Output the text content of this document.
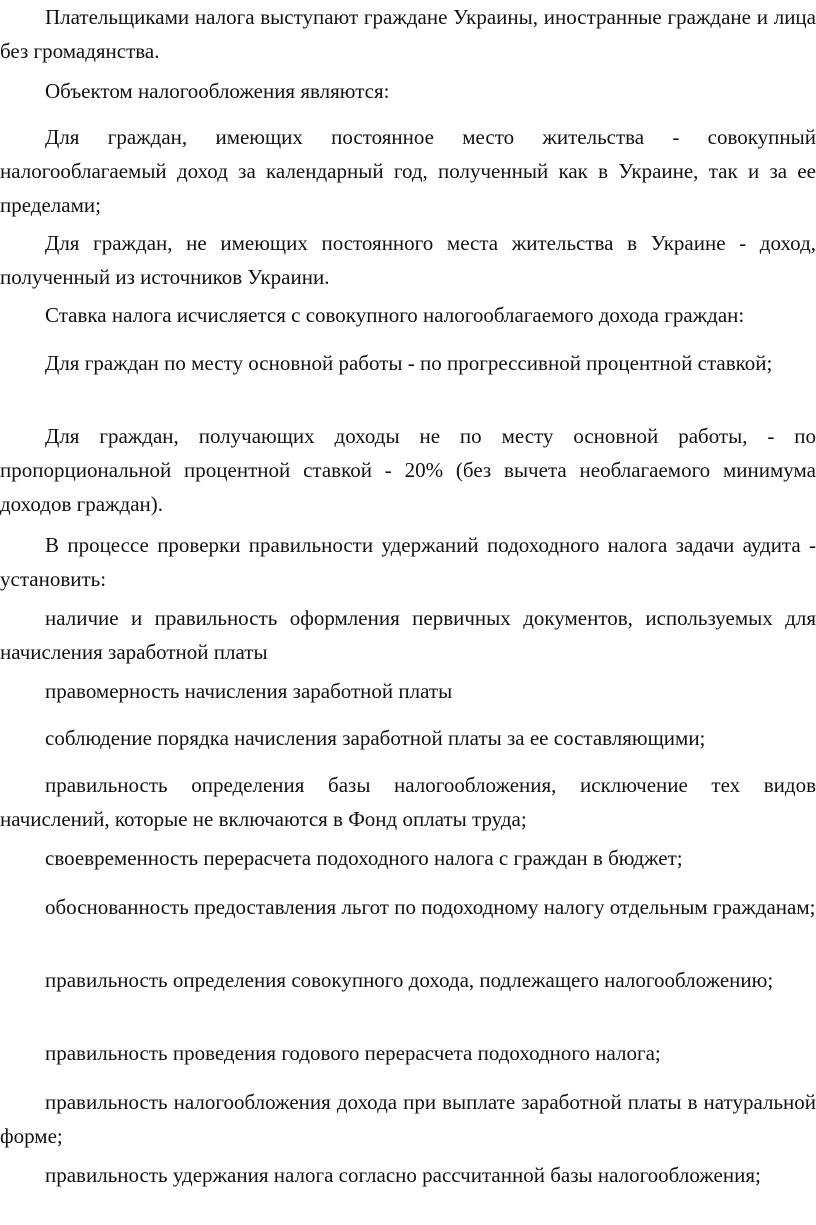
Плательщиками налога выступают граждане Украины, иностранные граждане и лица без громадянства.

Объектом налогообложения являются:

Для граждан, имеющих постоянное место жительства - совокупный налогооблагаемый доход за календарный год, полученный как в Украине, так и за ее пределами;

Для граждан, не имеющих постоянного места жительства в Украине - доход, полученный из источников Украини.

Ставка налога исчисляется с совокупного налогооблагаемого дохода граждан:

Для граждан по месту основной работы - по прогрессивной процентной ставкой;

Для граждан, получающих доходы не по месту основной работы, - по пропорциональной процентной ставкой - 20% (без вычета необлагаемого минимума доходов граждан).

В процессе проверки правильности удержаний подоходного налога задачи аудита - установить:

наличие и правильность оформления первичных документов, используемых для начисления заработной платы

правомерность начисления заработной платы

соблюдение порядка начисления заработной платы за ее составляющими;

правильность определения базы налогообложения, исключение тех видов начислений, которые не включаются в Фонд оплаты труда;

своевременность перерасчета подоходного налога с граждан в бюджет;

обоснованность предоставления льгот по подоходному налогу отдельным гражданам;

правильность определения совокупного дохода, подлежащего налогообложению;

правильность проведения годового перерасчета подоходного налога;

правильность налогообложения дохода при выплате заработной платы в натуральной форме;

правильность удержания налога согласно рассчитанной базы налогообложения;
